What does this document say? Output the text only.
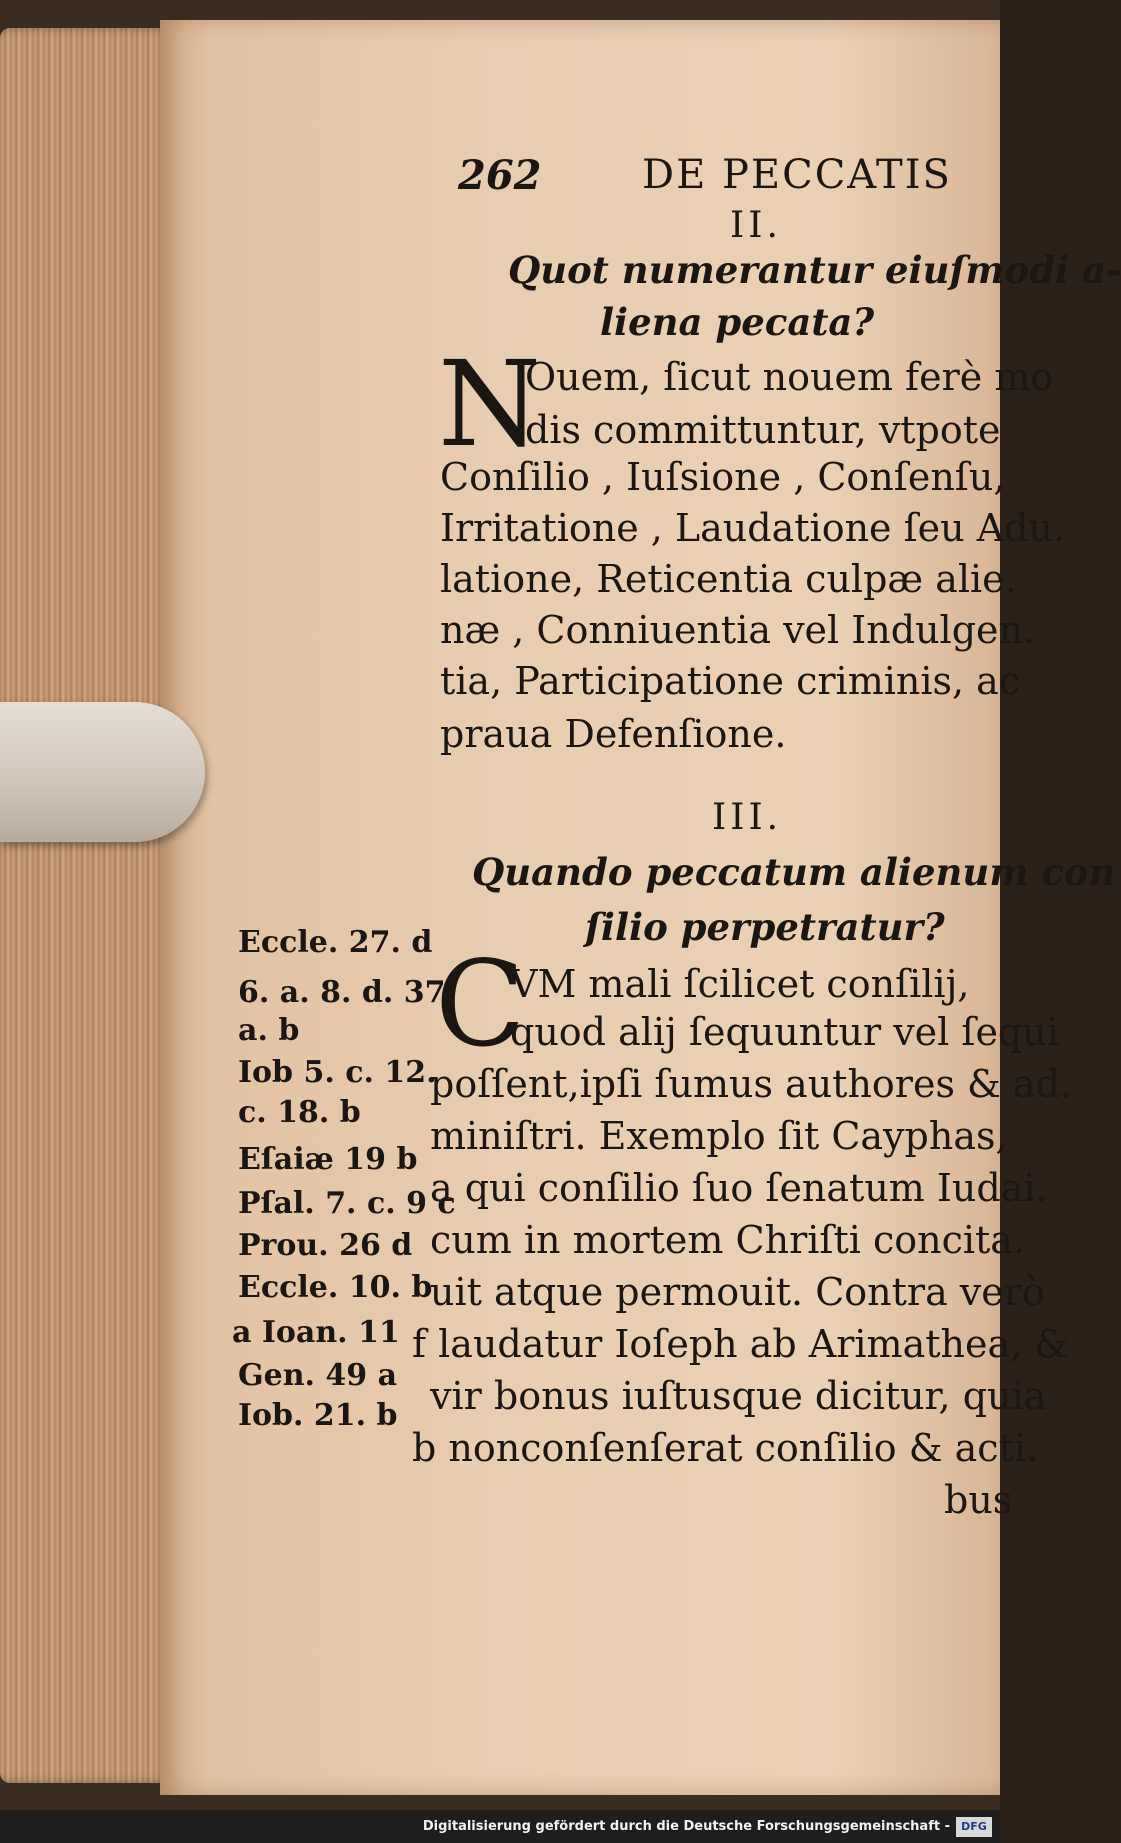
262	DE PECCATIS
II.
Quot numerantur eiuſmodi a-
liena pecata?
N
Ouem, ſicut nouem ferè mo
dis committuntur, vtpote
Conſilio , Iuſsione , Conſenſu,
Irritatione , Laudatione ſeu Adu.
latione, Reticentia culpæ alie.
næ , Conniuentia vel Indulgen.
tia, Participatione criminis, ac
praua Defenſione.
III.
Quando peccatum alienum con
ſilio perpetratur?
C
VM mali ſcilicet conſilij,
quod alij ſequuntur vel ſequi
poſſent,ipſi ſumus authores & ad.
miniſtri. Exemplo ſit Cayphas,
a qui conſilio ſuo ſenatum Iudai.
cum in mortem Chriſti concita.
uit atque permouit. Contra verò
f laudatur Ioſeph ab Arimathea, &
vir bonus iuſtusque dicitur, quia
b nonconſenſerat conſilio & acti.
bus
Eccle. 27. d
6. a. 8. d. 37.
a. b
Iob 5. c. 12.
c. 18. b
Eſaiæ 19 b
Pſal. 7. c. 9 c
Prou. 26 d
Eccle. 10. b
a Ioan. 11
Gen. 49 a
Iob. 21. b
Digitalisierung gefördert durch die Deutsche Forschungsgemeinschaft -	DFG
